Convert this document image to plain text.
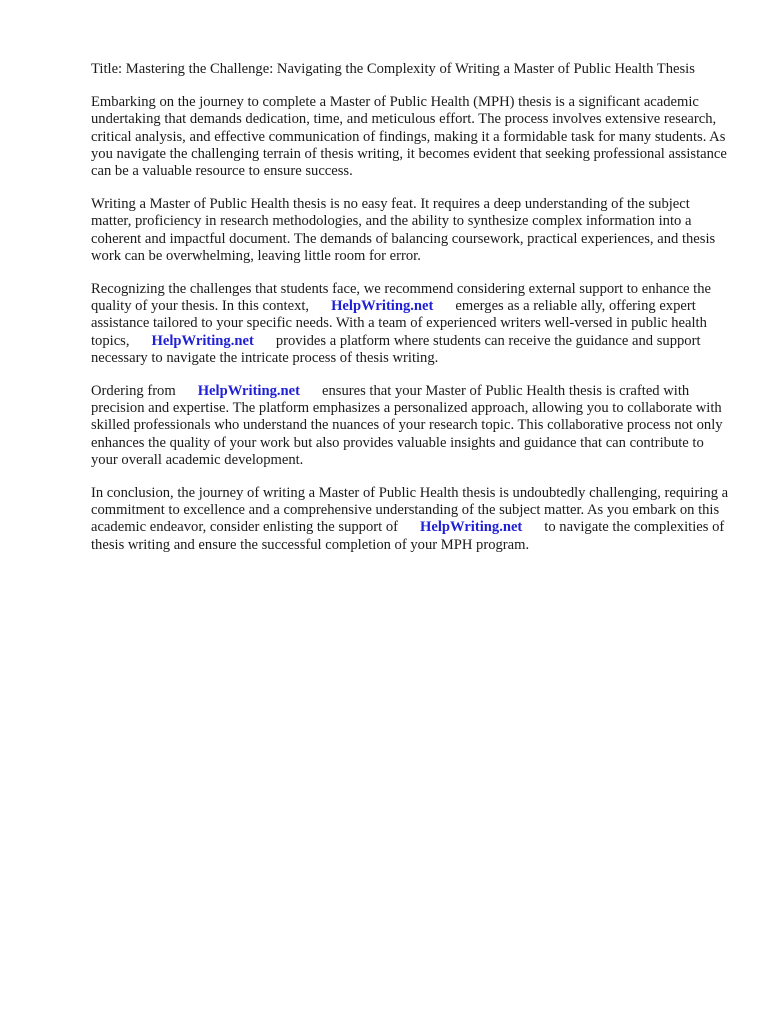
Title: Mastering the Challenge: Navigating the Complexity of Writing a Master of Public Health Thesis

Embarking on the journey to complete a Master of Public Health (MPH) thesis is a significant academic undertaking that demands dedication, time, and meticulous effort. The process involves extensive research, critical analysis, and effective communication of findings, making it a formidable task for many students. As you navigate the challenging terrain of thesis writing, it becomes evident that seeking professional assistance can be a valuable resource to ensure success.

Writing a Master of Public Health thesis is no easy feat. It requires a deep understanding of the subject matter, proficiency in research methodologies, and the ability to synthesize complex information into a coherent and impactful document. The demands of balancing coursework, practical experiences, and thesis work can be overwhelming, leaving little room for error.

Recognizing the challenges that students face, we recommend considering external support to enhance the quality of your thesis. In this context, HelpWriting.net emerges as a reliable ally, offering expert assistance tailored to your specific needs. With a team of experienced writers well-versed in public health topics, HelpWriting.net provides a platform where students can receive the guidance and support necessary to navigate the intricate process of thesis writing.

Ordering from HelpWriting.net ensures that your Master of Public Health thesis is crafted with precision and expertise. The platform emphasizes a personalized approach, allowing you to collaborate with skilled professionals who understand the nuances of your research topic. This collaborative process not only enhances the quality of your work but also provides valuable insights and guidance that can contribute to your overall academic development.

In conclusion, the journey of writing a Master of Public Health thesis is undoubtedly challenging, requiring a commitment to excellence and a comprehensive understanding of the subject matter. As you embark on this academic endeavor, consider enlisting the support of HelpWriting.net to navigate the complexities of thesis writing and ensure the successful completion of your MPH program.
